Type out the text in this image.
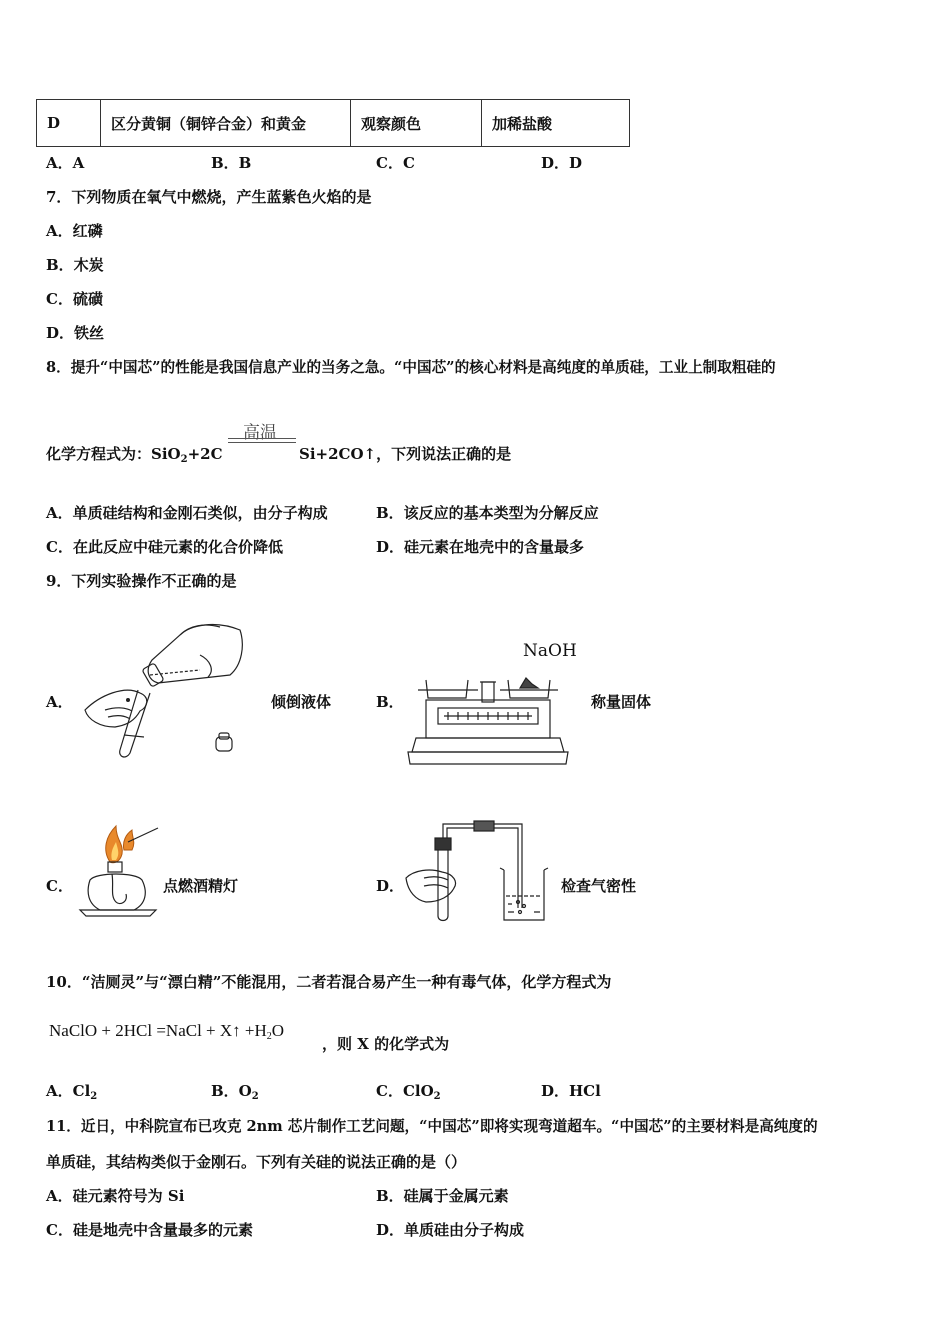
D	区分黄铜（铜锌合金）和黄金	观察颜色	加稀盐酸
A．A	B．B	C．C	D．D
7．下列物质在氧气中燃烧，产生蓝紫色火焰的是
A．红磷
B．木炭
C．硫磺
D．铁丝
8．提升“中国芯”的性能是我国信息产业的当务之急。“中国芯”的核心材料是高纯度的单质硅，工业上制取粗硅的
高温
化学方程式为：SiO$_2$+2C	Si+2CO↑，下列说法正确的是
A．单质硅结构和金刚石类似，由分子构成	B．该反应的基本类型为分解反应
C．在此反应中硅元素的化合价降低	D．硅元素在地壳中的含量最多
9．下列实验操作不正确的是
A．	倾倒液体	B．
NaOH
称量固体
C．	点燃酒精灯	D．	检查气密性
10．“洁厕灵”与“漂白精”不能混用，二者若混合易产生一种有毒气体，化学方程式为
NaClO + 2HCl =NaCl + X↑ $+H_2O$
，则 X 的化学式为
A．$Cl_2$	B．$O_2$	C．ClO$_2$	D．HCl
11．近日，中科院宣布已攻克 2nm 芯片制作工艺问题，“中国芯”即将实现弯道超车。“中国芯”的主要材料是高纯度的
单质硅，其结构类似于金刚石。下列有关硅的说法正确的是（）
A．硅元素符号为 Si	B．硅属于金属元素
C．硅是地壳中含量最多的元素	D．单质硅由分子构成
